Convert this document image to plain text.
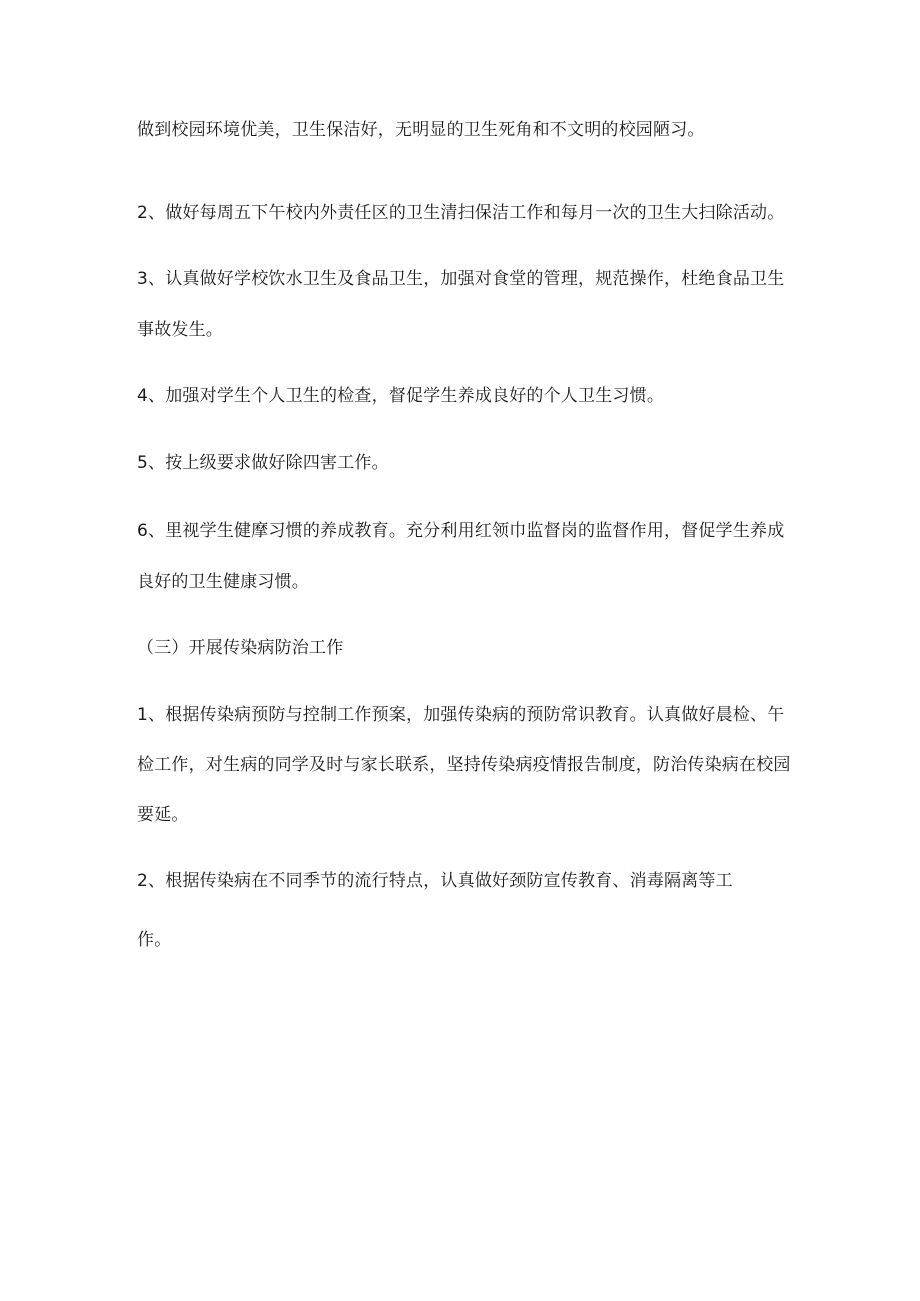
做到校园环境优美，卫生保洁好，无明显的卫生死角和不文明的校园陋习。
2、做好每周五下午校内外责任区的卫生清扫保洁工作和每月一次的卫生大扫除活动。
3、认真做好学校饮水卫生及食品卫生，加强对食堂的管理，规范操作，杜绝食品卫生
事故发生。
4、加强对学生个人卫生的检查，督促学生养成良好的个人卫生习惯。
5、按上级要求做好除四害工作。
6、里视学生健摩习惯的养成教育。充分利用红领巾监督岗的监督作用，督促学生养成
良好的卫生健康习惯。
（三）开展传染病防治工作
1、根据传染病预防与控制工作预案，加强传染病的预防常识教育。认真做好晨检、午
检工作，对生病的同学及时与家长联系，坚持传染病疫情报告制度，防治传染病在校园
要延。
2、根据传染病在不同季节的流行特点，认真做好颈防宣传教育、消毒隔离等工
作。
